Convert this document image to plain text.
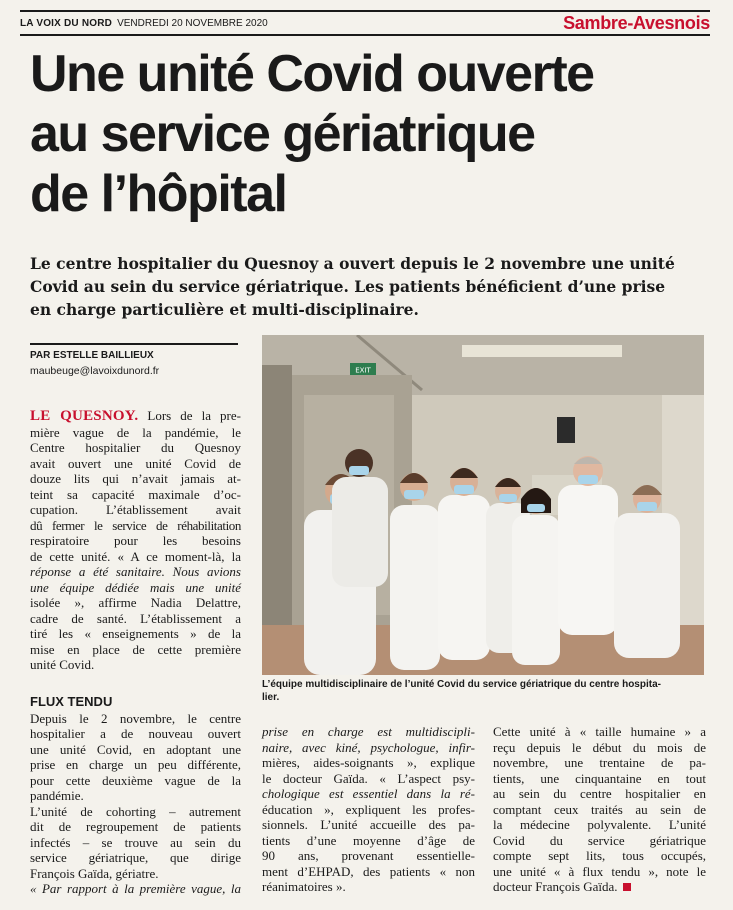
LA VOIX DU NORD VENDREDI 20 NOVEMBRE 2020	Sambre-Avesnois
Une unité Covid ouverte
au service gériatrique
de l’hôpital

Le centre hospitalier du Quesnoy a ouvert depuis le 2 novembre une unité
Covid au sein du service gériatrique. Les patients bénéficient d’une prise
en charge particulière et multi-disciplinaire.

PAR ESTELLE BAILLIEUX
maubeuge@lavoixdunord.fr
LE QUESNOY. Lors de la pre-
mière vague de la pandémie, le
Centre hospitalier du Quesnoy
avait ouvert une unité Covid de
douze lits qui n’avait jamais at-
teint sa capacité maximale d’oc-
cupation. L’établissement avait
dû fermer le service de réhabilitation
respiratoire pour les besoins
de cette unité. « A ce moment-là, la
réponse a été sanitaire. Nous avions
une équipe dédiée mais une unité
isolée », affirme Nadia Delattre,
cadre de santé. L’établissement a
tiré les « enseignements » de la
mise en place de cette première
unité Covid.
FLUX TENDU
Depuis le 2 novembre, le centre
hospitalier a de nouveau ouvert
une unité Covid, en adoptant une
prise en charge un peu différente,
pour cette deuxième vague de la
pandémie.
L’unité de cohorting – autrement
dit de regroupement de patients
infectés – se trouve au sein du
service gériatrique, que dirige
François Gaïda, gériatre.
« Par rapport à la première vague, la
prise en charge est multidiscipli-
naire, avec kiné, psychologue, infir-
mières, aides-soignants », explique
le docteur Gaïda. « L’aspect psy-
chologique est essentiel dans la ré-
éducation », expliquent les profes-
sionnels. L’unité accueille des pa-
tients d’une moyenne d’âge de
90 ans, provenant essentielle-
ment d’EHPAD, des patients « non
réanimatoires ».
Cette unité à « taille humaine » a
reçu depuis le début du mois de
novembre, une trentaine de pa-
tients, une cinquantaine en tout
au sein du centre hospitalier en
comptant ceux traités au sein de
la médecine polyvalente. L’unité
Covid du service gériatrique
compte sept lits, tous occupés,
une unité « à flux tendu », note le
docteur François Gaïda.
EXIT

L’équipe multidisciplinaire de l’unité Covid du service gériatrique du centre hospita-
lier.
